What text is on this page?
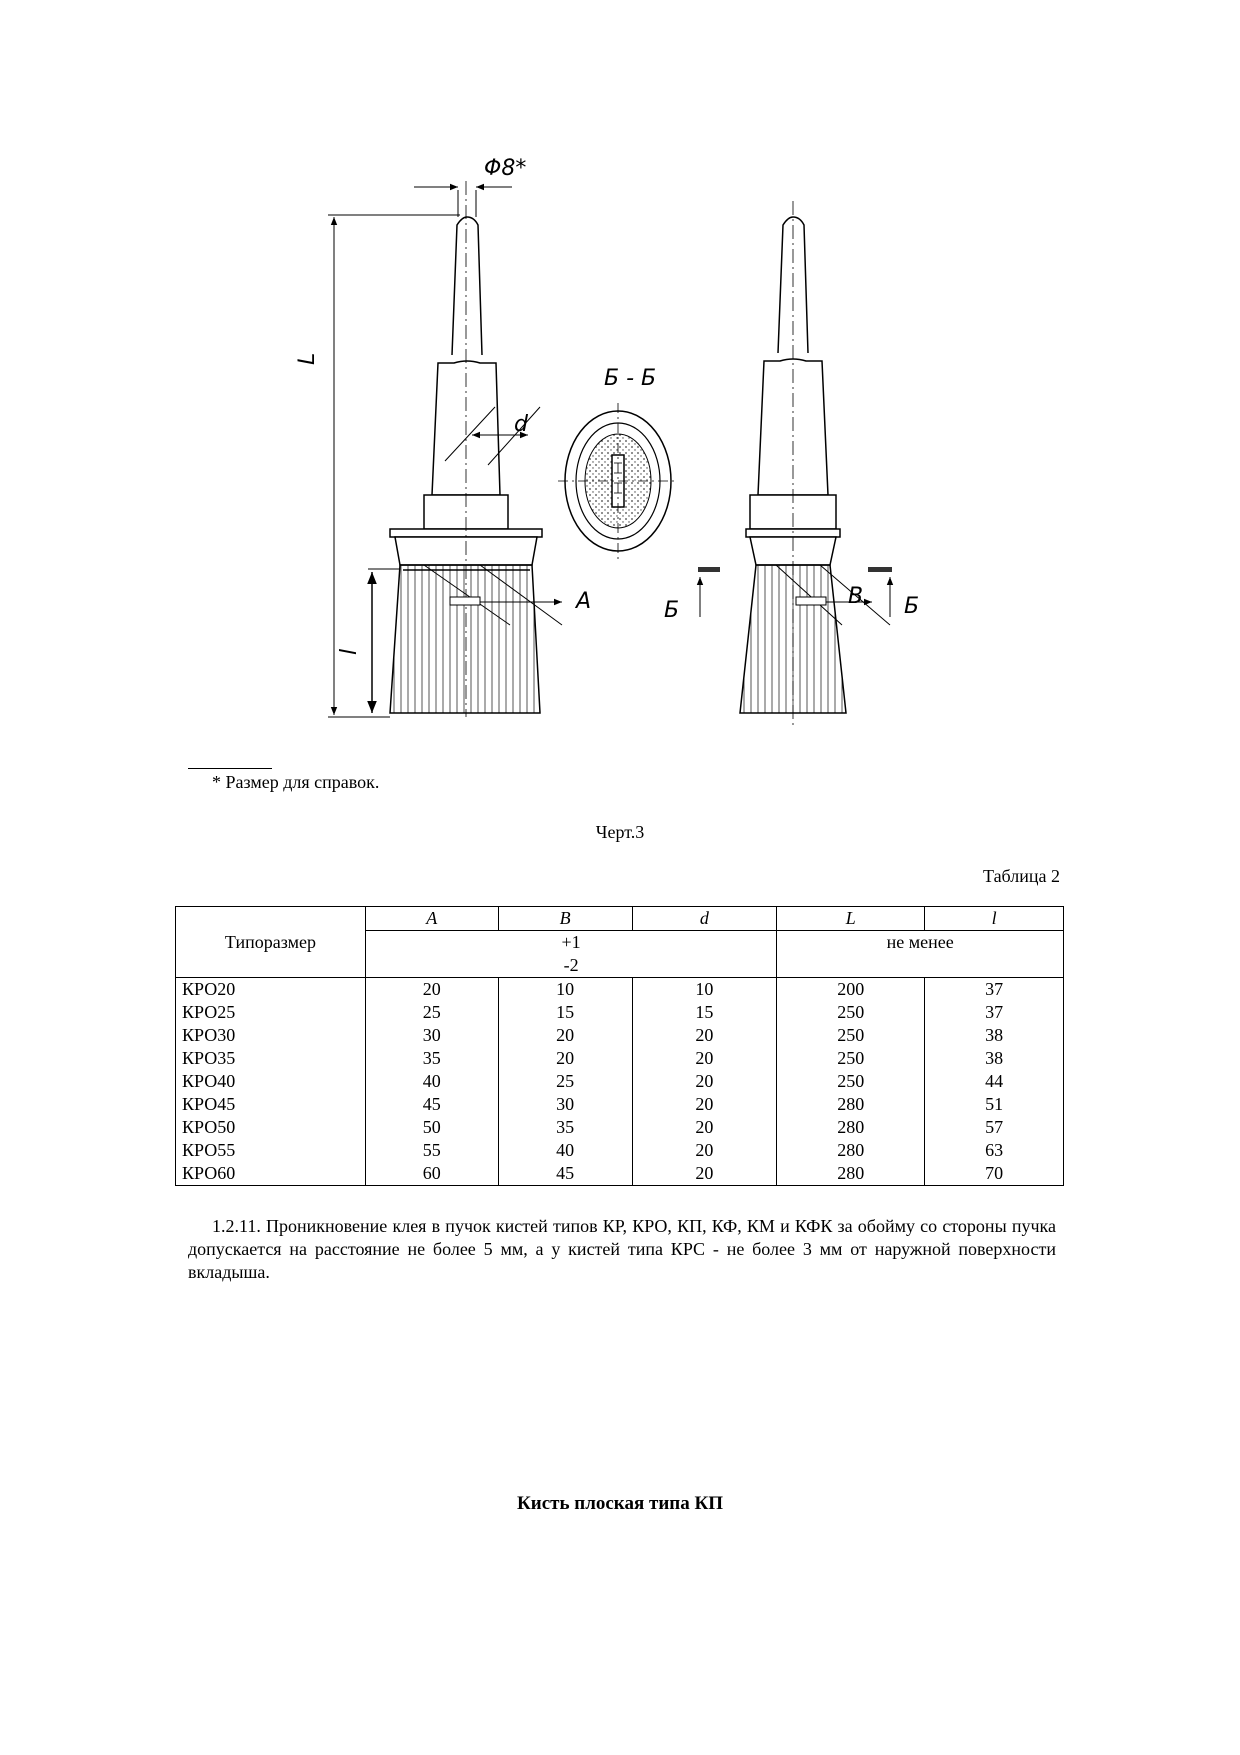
Φ8*
L
l
d
A
Б - Б
Б
B Б
* Размер для справок.
Черт.3
Таблица 2
Типоразмер	A	B	d	L	l

	+1
-2			не менее	
КРО20	20	10	10	200	37
КРО25	25	15	15	250	37
КРО30	30	20	20	250	38
КРО35	35	20	20	250	38
КРО40	40	25	20	250	44
КРО45	45	30	20	280	51
КРО50	50	35	20	280	57
КРО55	55	40	20	280	63
КРО60	60	45	20	280	70

1.2.11. Проникновение клея в пучок кистей типов КР, КРО, КП, КФ, КМ и КФК за обойму со стороны пучка допускается на расстояние не более 5 мм, а у кистей типа КРС - не более 3 мм от наружной поверхности вкладыша.

Кисть плоская типа КП
